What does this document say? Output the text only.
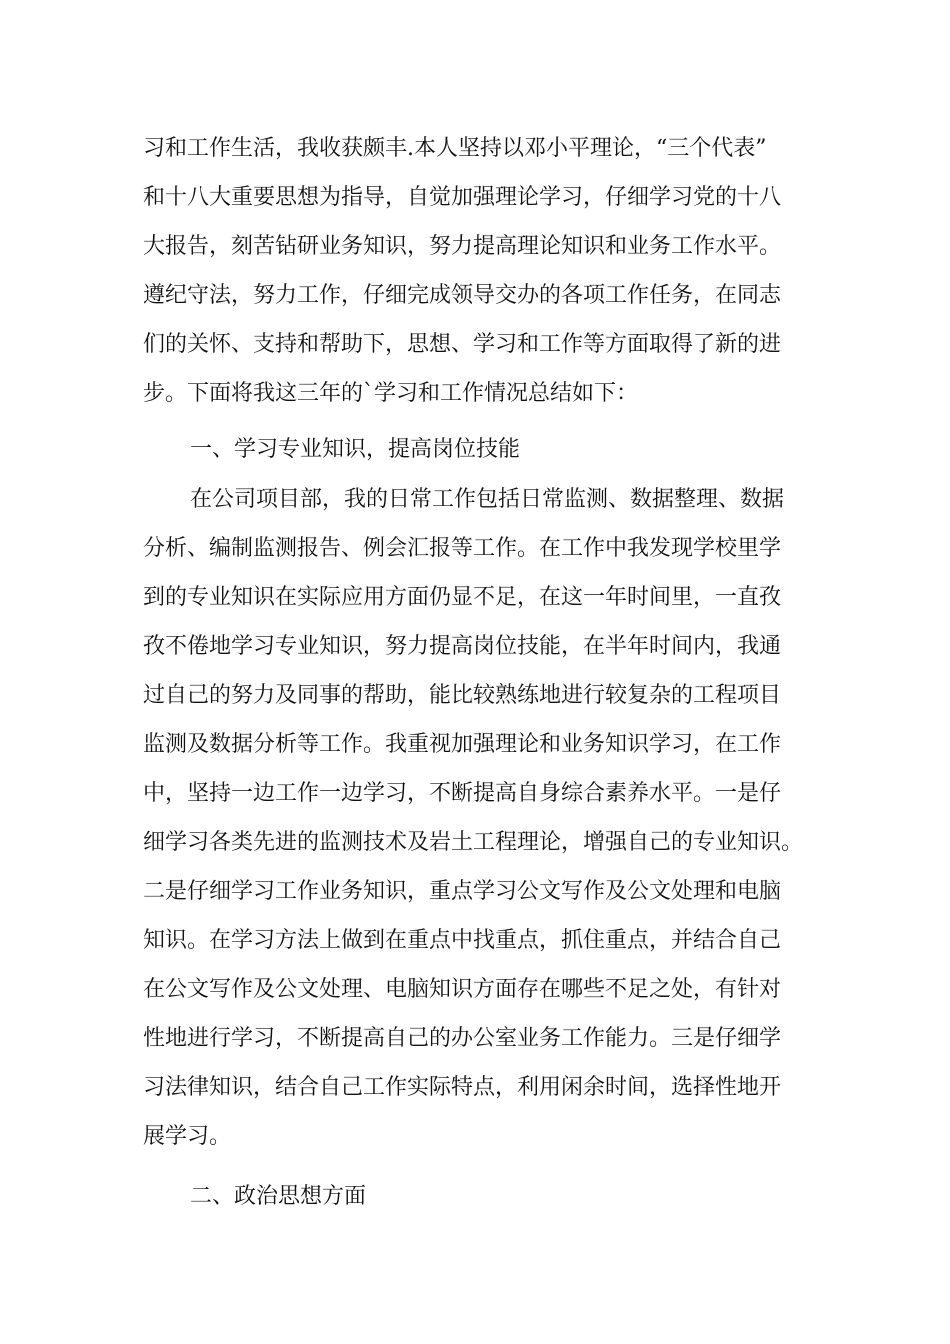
习和工作生活，我收获颇丰.本人坚持以邓小平理论，“三个代表”
和十八大重要思想为指导，自觉加强理论学习，仔细学习党的十八
大报告，刻苦钻研业务知识，努力提高理论知识和业务工作水平。
遵纪守法，努力工作，仔细完成领导交办的各项工作任务，在同志
们的关怀、支持和帮助下，思想、学习和工作等方面取得了新的进
步。下面将我这三年的`学习和工作情况总结如下：
一、学习专业知识，提高岗位技能
在公司项目部，我的日常工作包括日常监测、数据整理、数据
分析、编制监测报告、例会汇报等工作。在工作中我发现学校里学
到的专业知识在实际应用方面仍显不足，在这一年时间里，一直孜
孜不倦地学习专业知识，努力提高岗位技能，在半年时间内，我通
过自己的努力及同事的帮助，能比较熟练地进行较复杂的工程项目
监测及数据分析等工作。我重视加强理论和业务知识学习，在工作
中，坚持一边工作一边学习，不断提高自身综合素养水平。一是仔
细学习各类先进的监测技术及岩土工程理论，增强自己的专业知识。
二是仔细学习工作业务知识，重点学习公文写作及公文处理和电脑
知识。在学习方法上做到在重点中找重点，抓住重点，并结合自己
在公文写作及公文处理、电脑知识方面存在哪些不足之处，有针对
性地进行学习，不断提高自己的办公室业务工作能力。三是仔细学
习法律知识，结合自己工作实际特点，利用闲余时间，选择性地开
展学习。
二、政治思想方面
